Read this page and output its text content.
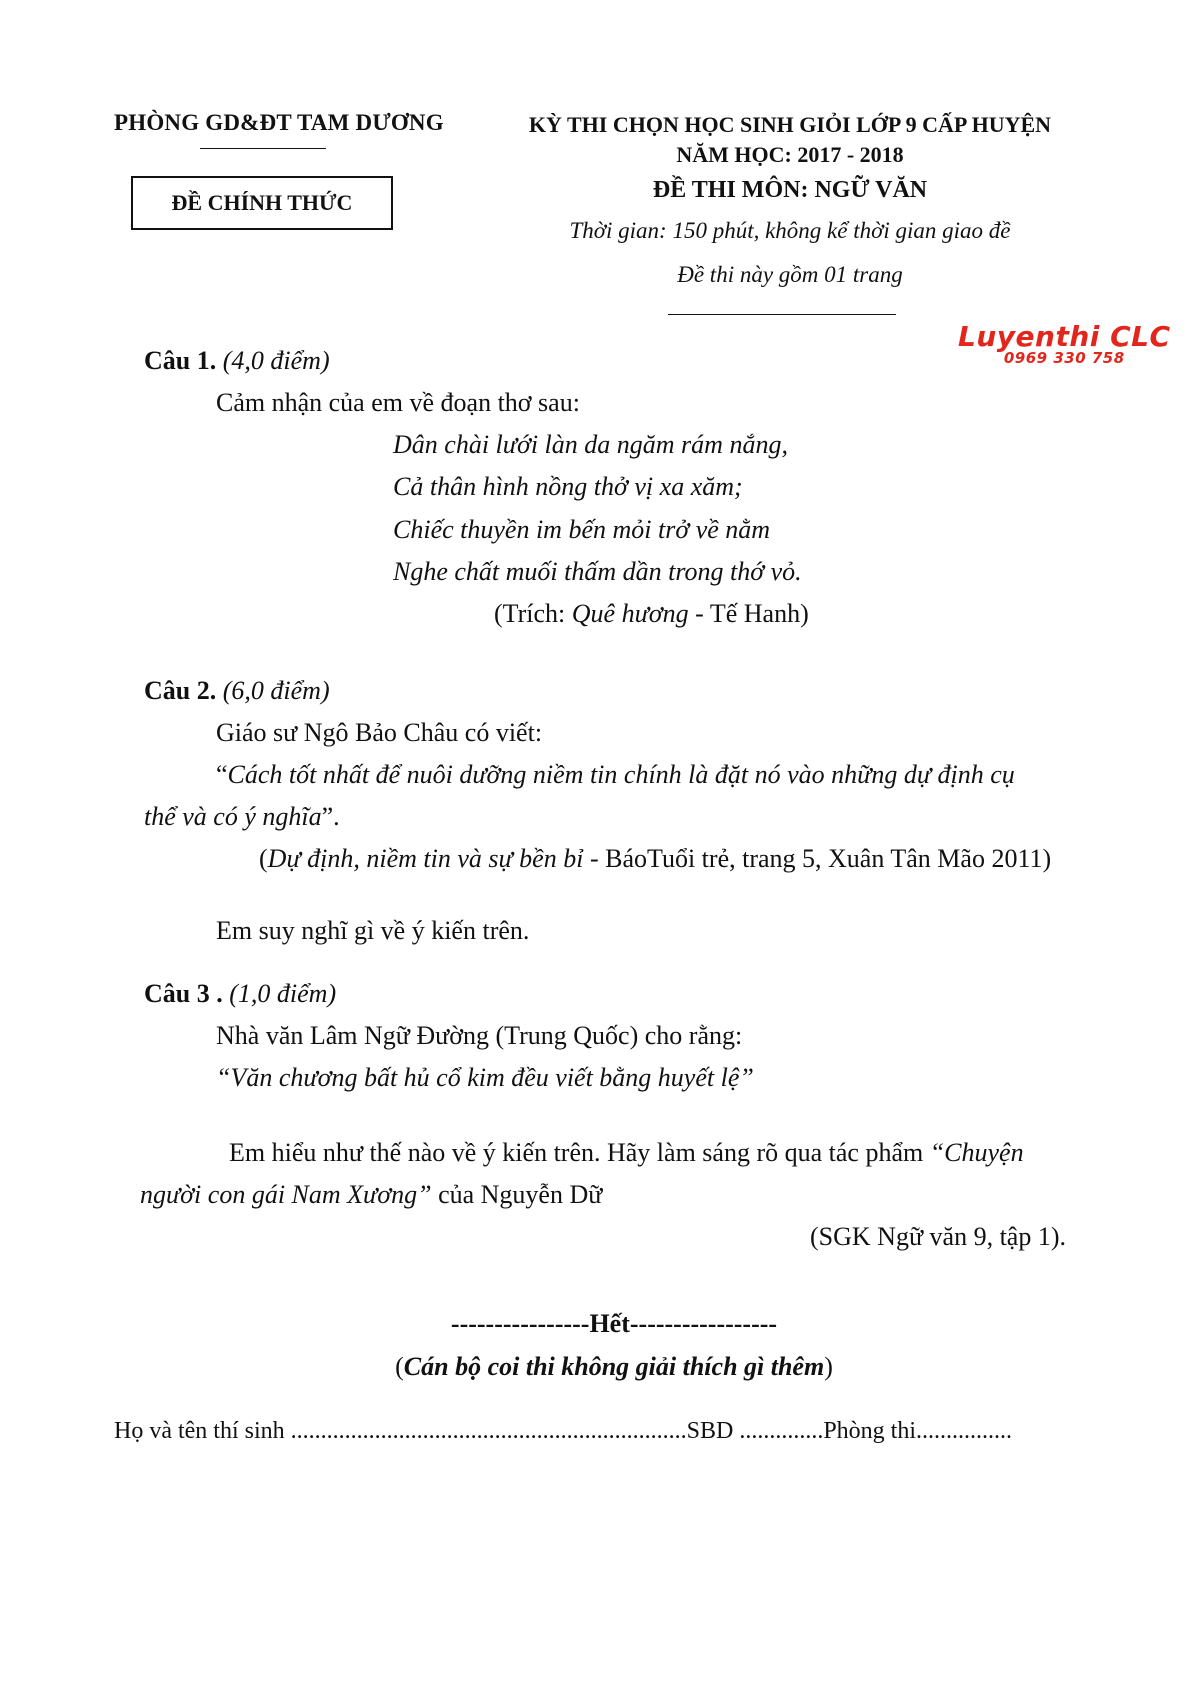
PHÒNG GD&ĐT TAM DƯƠNG
ĐỀ CHÍNH THỨC
KỲ THI CHỌN HỌC SINH GIỎI LỚP 9 CẤP HUYỆN
NĂM HỌC: 2017 - 2018
ĐỀ THI MÔN: NGỮ VĂN
Thời gian: 150 phút, không kể thời gian giao đề
Đề thi này gồm 01 trang
Luyenthi CLC
0969 330 758
Câu 1. (4,0 điểm)
Cảm nhận của em về đoạn thơ sau:
Dân chài lưới làn da ngăm rám nắng,
Cả thân hình nồng thở vị xa xăm;
Chiếc thuyền im bến mỏi trở về nằm
Nghe chất muối thấm dần trong thớ vỏ.
(Trích: Quê hương - Tế Hanh)
Câu 2. (6,0 điểm)
Giáo sư Ngô Bảo Châu có viết:
“Cách tốt nhất để nuôi dưỡng niềm tin chính là đặt nó vào những dự định cụ
thể và có ý nghĩa”.
(Dự định, niềm tin và sự bền bỉ - BáoTuổi trẻ, trang 5, Xuân Tân Mão 2011)
Em suy nghĩ gì về ý kiến trên.
Câu 3 . (1,0 điểm)
Nhà văn Lâm Ngữ Đường (Trung Quốc) cho rằng:
“Văn chương bất hủ cổ kim đều viết bằng huyết lệ”
Em hiểu như thế nào về ý kiến trên. Hãy làm sáng rõ qua tác phẩm “Chuyện
người con gái Nam Xương” của Nguyễn Dữ
(SGK Ngữ văn 9, tập 1).
----------------Hết-----------------
(Cán bộ coi thi không giải thích gì thêm)
Họ và tên thí sinh ..................................................................SBD ..............Phòng thi................
